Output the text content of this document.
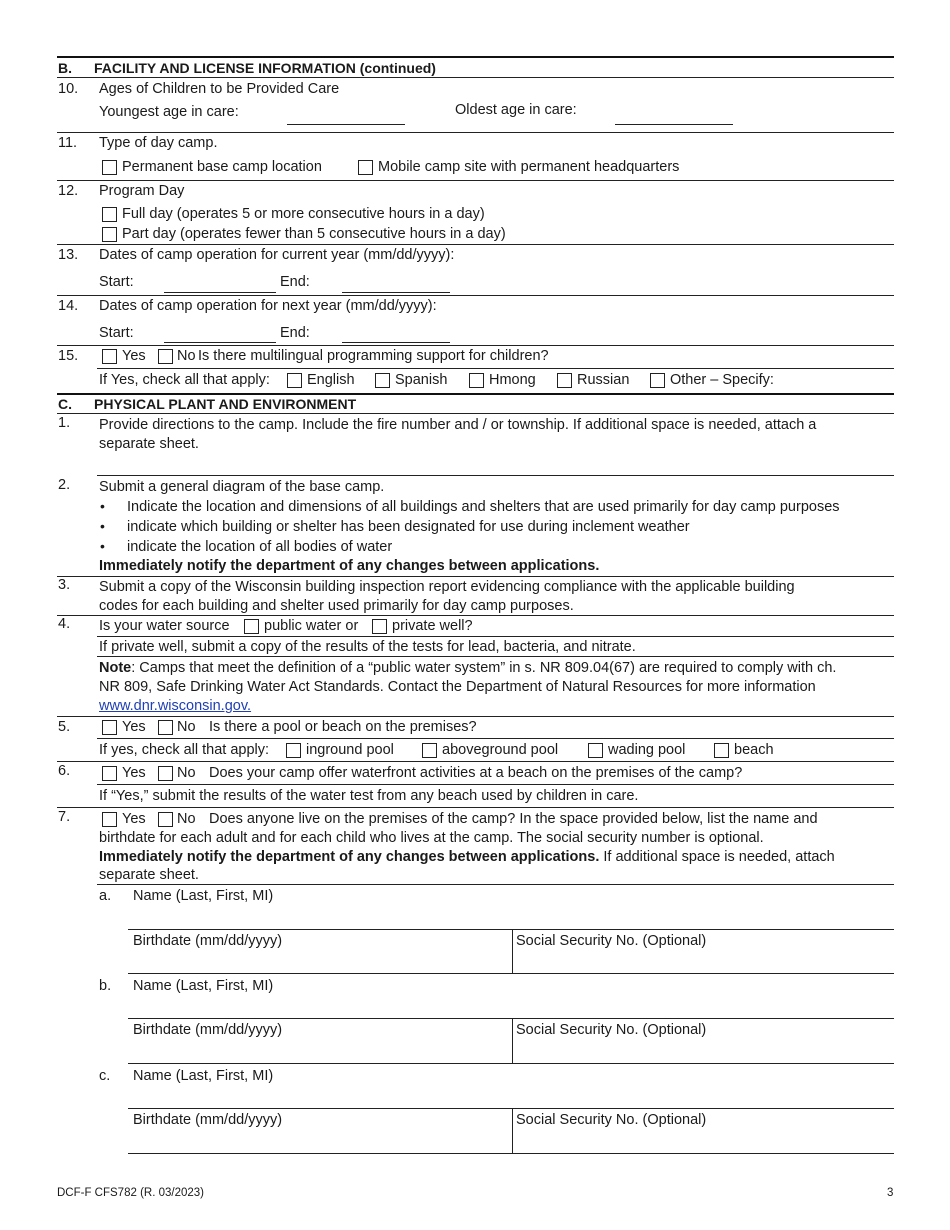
B. FACILITY AND LICENSE INFORMATION (continued)
10. Ages of Children to be Provided Care
Youngest age in care:	Oldest age in care:
11. Type of day camp.
Permanent base camp location	Mobile camp site with permanent headquarters
12. Program Day
Full day (operates 5 or more consecutive hours in a day)
Part day (operates fewer than 5 consecutive hours in a day)
13. Dates of camp operation for current year (mm/dd/yyyy):
Start:	End:
14. Dates of camp operation for next year (mm/dd/yyyy):
Start:	End:
15.	Yes No Is there multilingual programming support for children?
If Yes, check all that apply:	English	Spanish	Hmong	Russian	Other – Specify:
C. PHYSICAL PLANT AND ENVIRONMENT
1. Provide directions to the camp. Include the fire number and / or township. If additional space is needed, attach a
separate sheet.
2. Submit a general diagram of the base camp.
• Indicate the location and dimensions of all buildings and shelters that are used primarily for day camp purposes
• indicate which building or shelter has been designated for use during inclement weather
• indicate the location of all bodies of water
Immediately notify the department of any changes between applications.
3. Submit a copy of the Wisconsin building inspection report evidencing compliance with the applicable building
codes for each building and shelter used primarily for day camp purposes.
4. Is your water source public water or private well?
If private well, submit a copy of the results of the tests for lead, bacteria, and nitrate.
Note: Camps that meet the definition of a “public water system” in s. NR 809.04(67) are required to comply with ch.
NR 809, Safe Drinking Water Act Standards. Contact the Department of Natural Resources for more information
www.dnr.wisconsin.gov.
5.	Yes No Is there a pool or beach on the premises?
If yes, check all that apply:	inground pool	aboveground pool	wading pool	beach
6.	Yes No Does your camp offer waterfront activities at a beach on the premises of the camp?
If “Yes,” submit the results of the water test from any beach used by children in care.
7.	Yes No Does anyone live on the premises of the camp? In the space provided below, list the name and
birthdate for each adult and for each child who lives at the camp. The social security number is optional.
Immediately notify the department of any changes between applications. If additional space is needed, attach
separate sheet.
a. Name (Last, First, MI)
Birthdate (mm/dd/yyyy)	Social Security No. (Optional)
b. Name (Last, First, MI)
Birthdate (mm/dd/yyyy)	Social Security No. (Optional)
c. Name (Last, First, MI)
Birthdate (mm/dd/yyyy)	Social Security No. (Optional)
DCF-F CFS782 (R. 03/2023)	3
